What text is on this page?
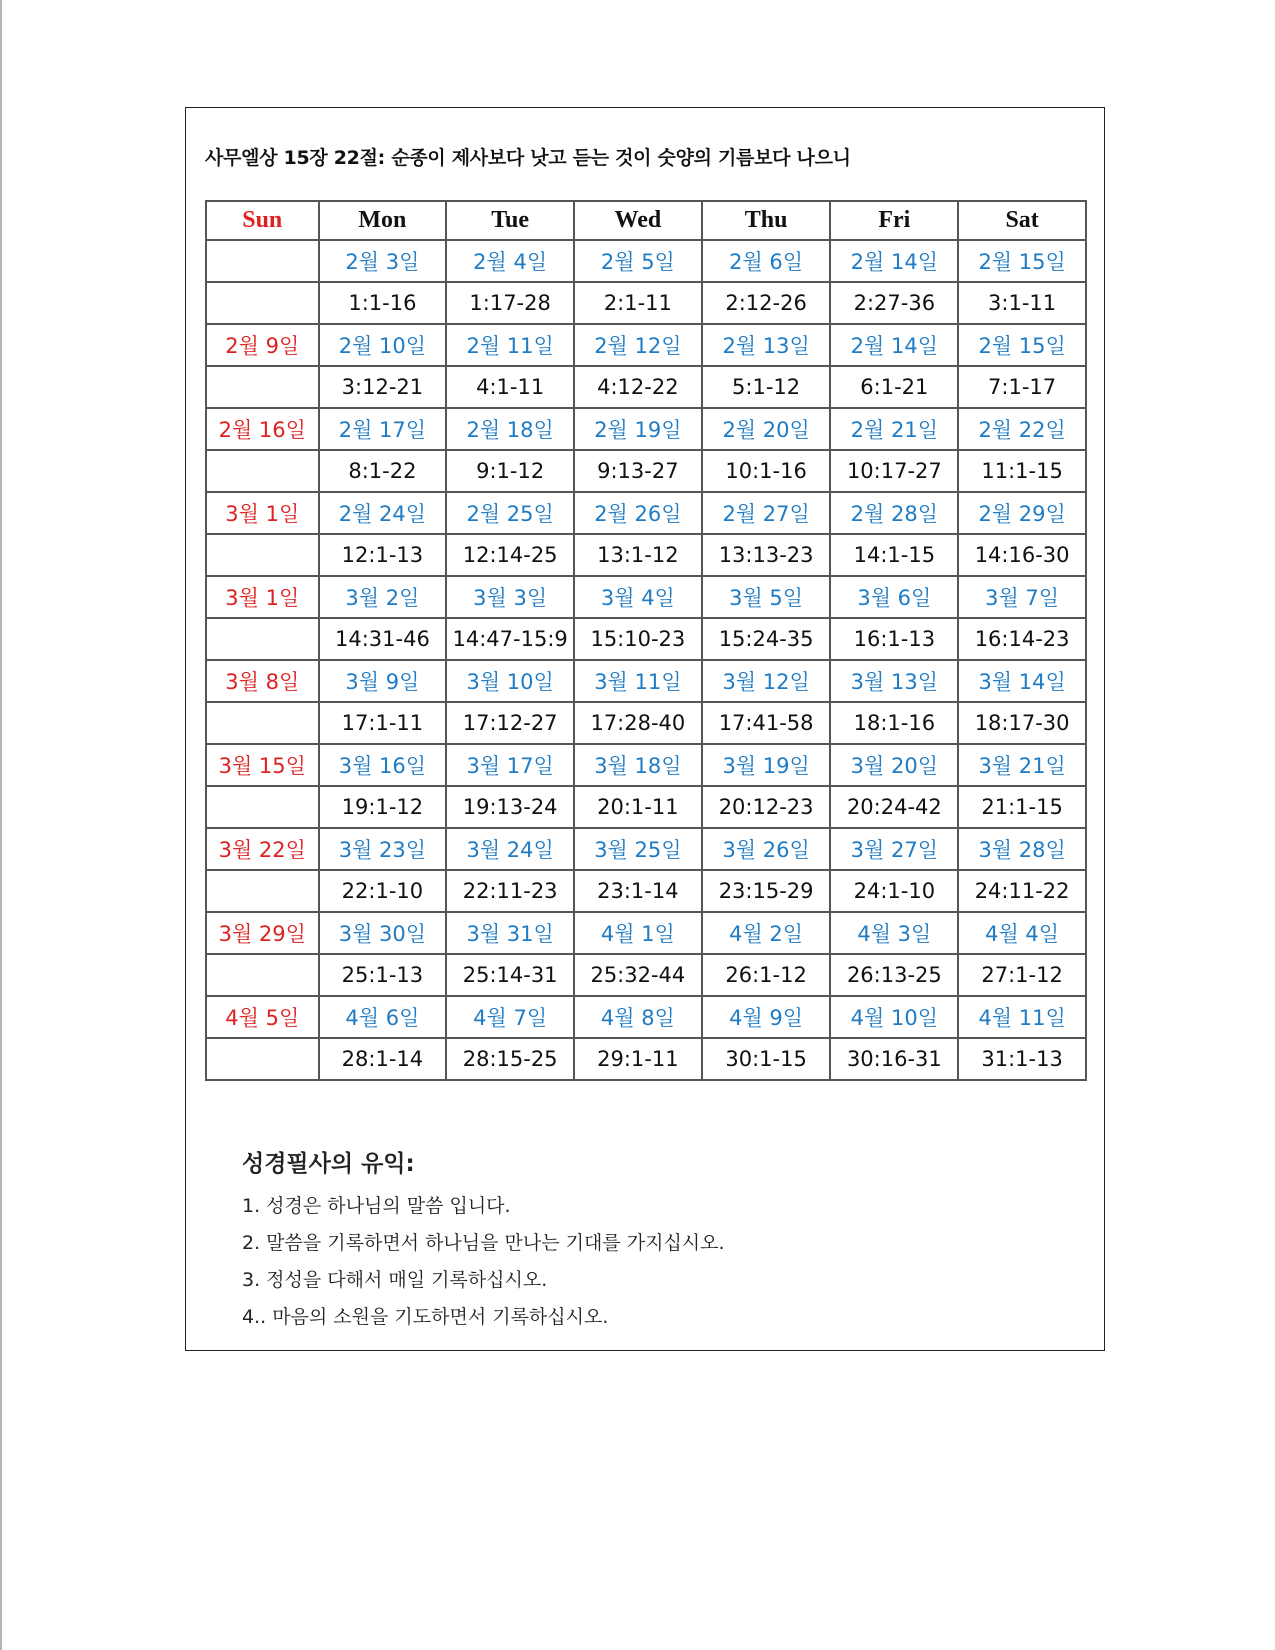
사무엘상 15장 22절: 순종이 제사보다 낫고 듣는 것이 숫양의 기름보다 나으니
Sun	Mon	Tue	Wed	Thu	Fri	Sat
	2월 3일	2월 4일	2월 5일	2월 6일	2월 14일	2월 15일
	1:1-16	1:17-28	2:1-11	2:12-26	2:27-36	3:1-11
2월 9일	2월 10일	2월 11일	2월 12일	2월 13일	2월 14일	2월 15일
	3:12-21	4:1-11	4:12-22	5:1-12	6:1-21	7:1-17
2월 16일	2월 17일	2월 18일	2월 19일	2월 20일	2월 21일	2월 22일
	8:1-22	9:1-12	9:13-27	10:1-16	10:17-27	11:1-15
3월 1일	2월 24일	2월 25일	2월 26일	2월 27일	2월 28일	2월 29일
	12:1-13	12:14-25	13:1-12	13:13-23	14:1-15	14:16-30
3월 1일	3월 2일	3월 3일	3월 4일	3월 5일	3월 6일	3월 7일
	14:31-46	14:47-15:9	15:10-23	15:24-35	16:1-13	16:14-23
3월 8일	3월 9일	3월 10일	3월 11일	3월 12일	3월 13일	3월 14일
	17:1-11	17:12-27	17:28-40	17:41-58	18:1-16	18:17-30
3월 15일	3월 16일	3월 17일	3월 18일	3월 19일	3월 20일	3월 21일
	19:1-12	19:13-24	20:1-11	20:12-23	20:24-42	21:1-15
3월 22일	3월 23일	3월 24일	3월 25일	3월 26일	3월 27일	3월 28일
	22:1-10	22:11-23	23:1-14	23:15-29	24:1-10	24:11-22
3월 29일	3월 30일	3월 31일	4월 1일	4월 2일	4월 3일	4월 4일
	25:1-13	25:14-31	25:32-44	26:1-12	26:13-25	27:1-12
4월 5일	4월 6일	4월 7일	4월 8일	4월 9일	4월 10일	4월 11일
	28:1-14	28:15-25	29:1-11	30:1-15	30:16-31	31:1-13
성경필사의 유익:
1. 성경은 하나님의 말씀 입니다.
2. 말씀을 기록하면서 하나님을 만나는 기대를 가지십시오.
3. 정성을 다해서 매일 기록하십시오.
4.. 마음의 소원을 기도하면서 기록하십시오.
